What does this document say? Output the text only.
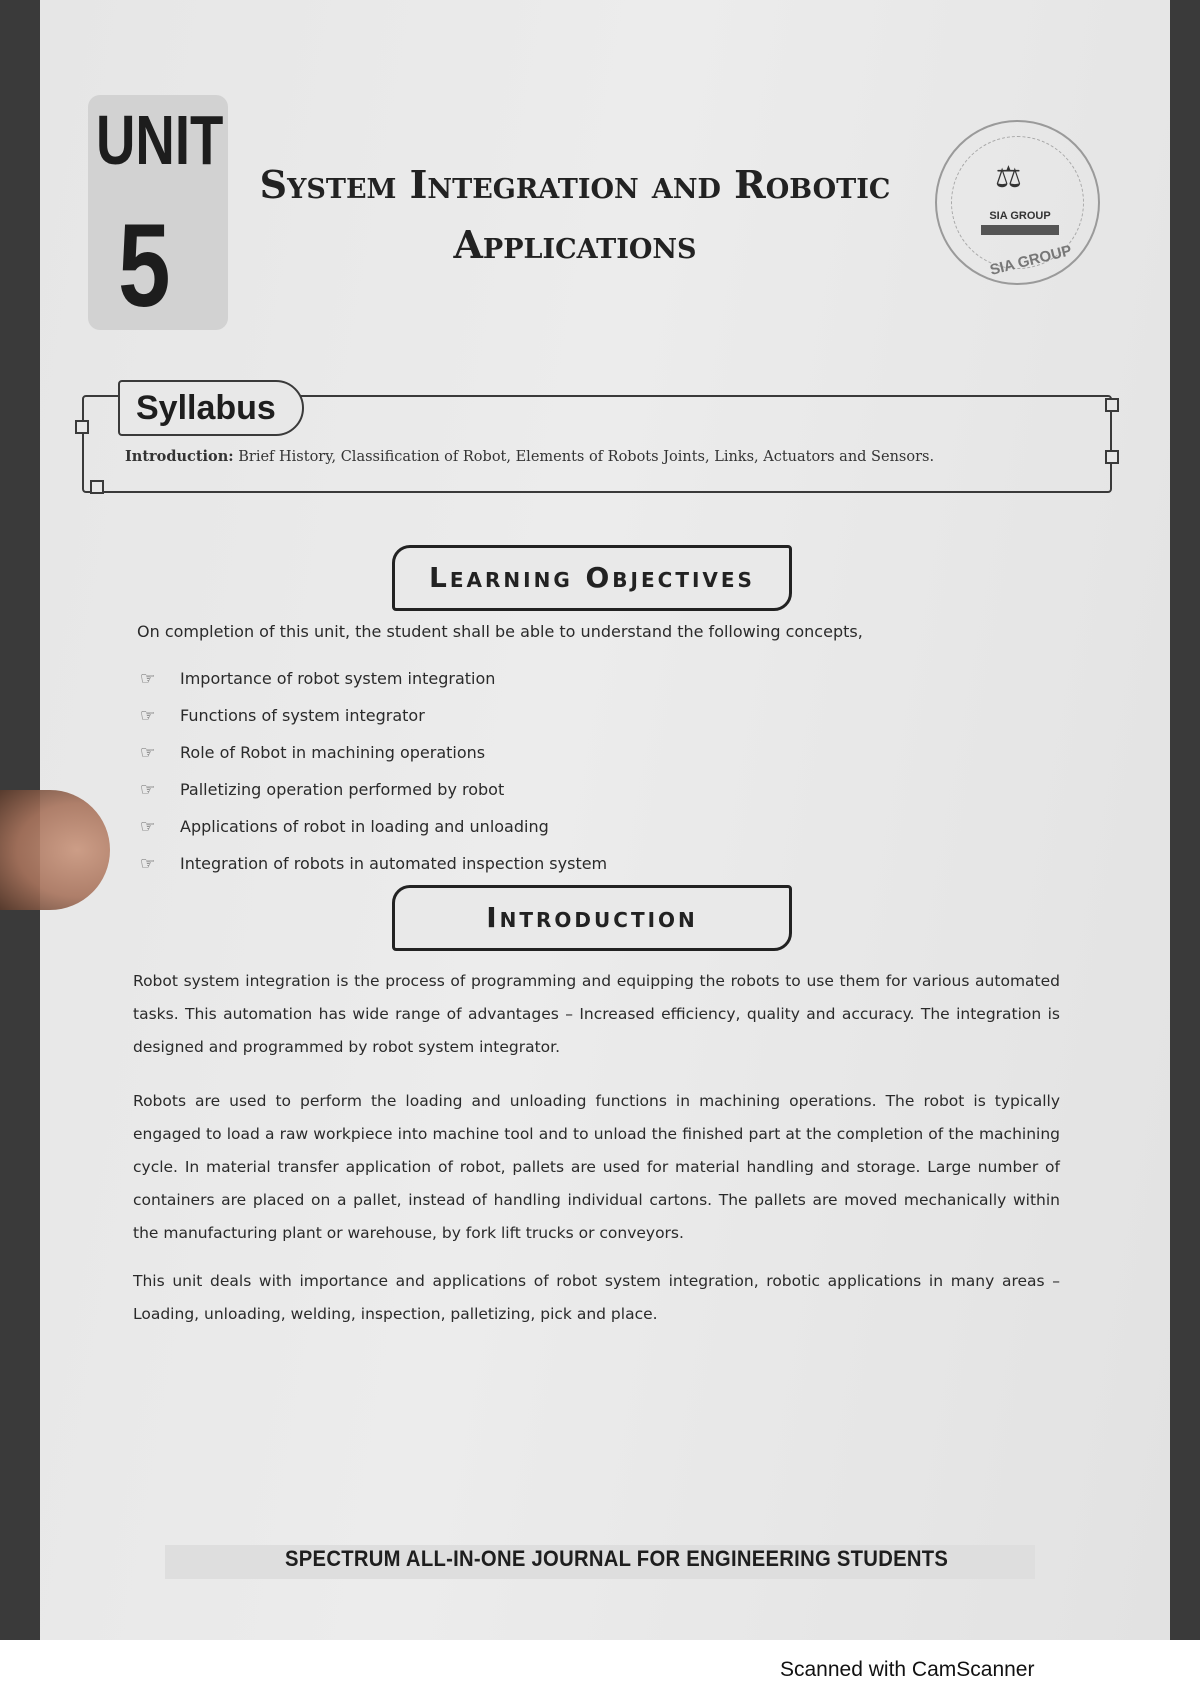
UNIT
5
System Integration and Robotic
Applications
⚖
SIA GROUP
SIA GROUP
Syllabus
Introduction: Brief History, Classification of Robot, Elements of Robots Joints, Links, Actuators and Sensors.
Learning Objectives
On completion of this unit, the student shall be able to understand the following concepts,
☞	Importance of robot system integration
☞	Functions of system integrator
☞	Role of Robot in machining operations
☞	Palletizing operation performed by robot
☞	Applications of robot in loading and unloading
☞	Integration of robots in automated inspection system
Introduction

Robot system integration is the process of programming and equipping the robots to use them for various automated tasks. This automation has wide range of advantages – Increased efficiency, quality and accuracy. The integration is designed and programmed by robot system integrator.

Robots are used to perform the loading and unloading functions in machining operations. The robot is typically engaged to load a raw workpiece into machine tool and to unload the finished part at the completion of the machining cycle. In material transfer application of robot, pallets are used for material handling and storage. Large number of containers are placed on a pallet, instead of handling individual cartons. The pallets are moved mechanically within the manufacturing plant or warehouse, by fork lift trucks or conveyors.

This unit deals with importance and applications of robot system integration, robotic applications in many areas – Loading, unloading, welding, inspection, palletizing, pick and place.

SPECTRUM ALL-IN-ONE JOURNAL FOR ENGINEERING STUDENTS
Scanned with CamScanner
